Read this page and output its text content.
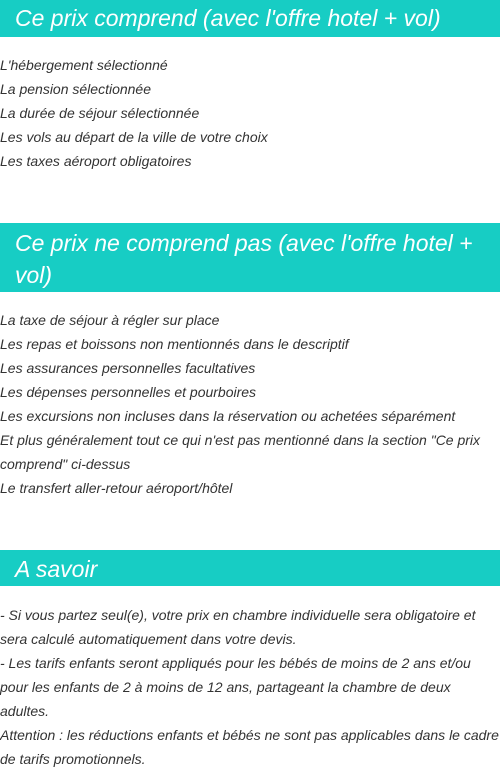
Ce prix comprend (avec l'offre hotel + vol)
L'hébergement sélectionné
La pension sélectionnée
La durée de séjour sélectionnée
Les vols au départ de la ville de votre choix
Les taxes aéroport obligatoires
Ce prix ne comprend pas (avec l'offre hotel + vol)
La taxe de séjour à régler sur place
Les repas et boissons non mentionnés dans le descriptif
Les assurances personnelles facultatives
Les dépenses personnelles et pourboires
Les excursions non incluses dans la réservation ou achetées séparément
Et plus généralement tout ce qui n'est pas mentionné dans la section "Ce prix comprend" ci-dessus
Le transfert aller-retour aéroport/hôtel
A savoir
- Si vous partez seul(e), votre prix en chambre individuelle sera obligatoire et sera calculé automatiquement dans votre devis.
- Les tarifs enfants seront appliqués pour les bébés de moins de 2 ans et/ou pour les enfants de 2 à moins de 12 ans, partageant la chambre de deux adultes.
Attention : les réductions enfants et bébés ne sont pas applicables dans le cadre de tarifs promotionnels.
